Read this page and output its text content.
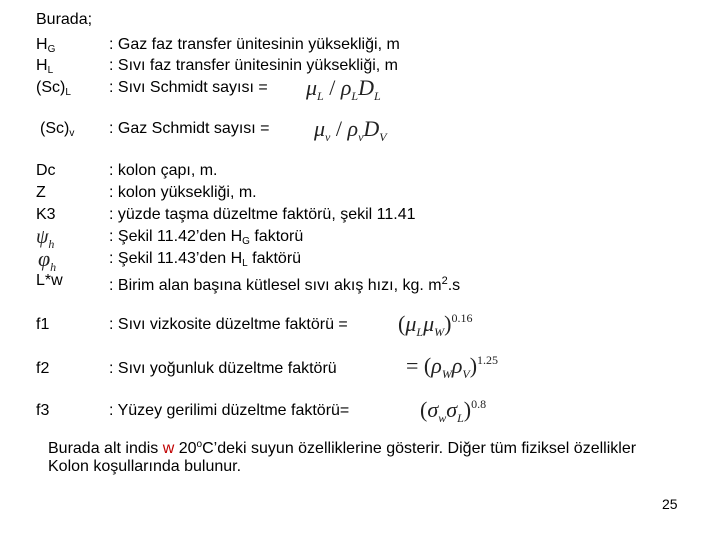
Burada;
$H_G$	: Gaz faz transfer ünitesinin yüksekliği, m
$H_L$	: Sıvı faz transfer ünitesinin yüksekliği, m
$(Sc)_L$ : Sıvı Schmidt sayısı = $\mu_L / \rho_LD_L$
$(Sc)_v$ : Gaz Schmidt sayısı = $\mu_v / \rho_vD_V$
Dc	: kolon çapı, m.
Z	: kolon yüksekliği, m.
K3	: yüzde taşma düzeltme faktörü, şekil 11.41
$\psi_h$	: Şekil 11.42’den $H_G$ faktorü
$\varphi_h$	: Şekil 11.43’den $H_L$ faktörü
L*w	: Birim alan başına kütlesel sıvı akış hızı, kg. $m^2.s$
f1	: Sıvı vizkosite düzeltme faktörü = $(\mu_L\mu_W)^{0.16}$
f2	: Sıvı yoğunluk düzeltme faktörü	= $(\rho_W\rho_V)^{1.25}$
f3	: Yüzey gerilimi düzeltme faktörü=	$(\sigma_w\sigma_L)^{0.8}$
Burada alt indis w 20$^o$C’deki suyun özelliklerine gösterir. Diğer tüm fiziksel özellikler
Kolon koşullarında bulunur.
25
